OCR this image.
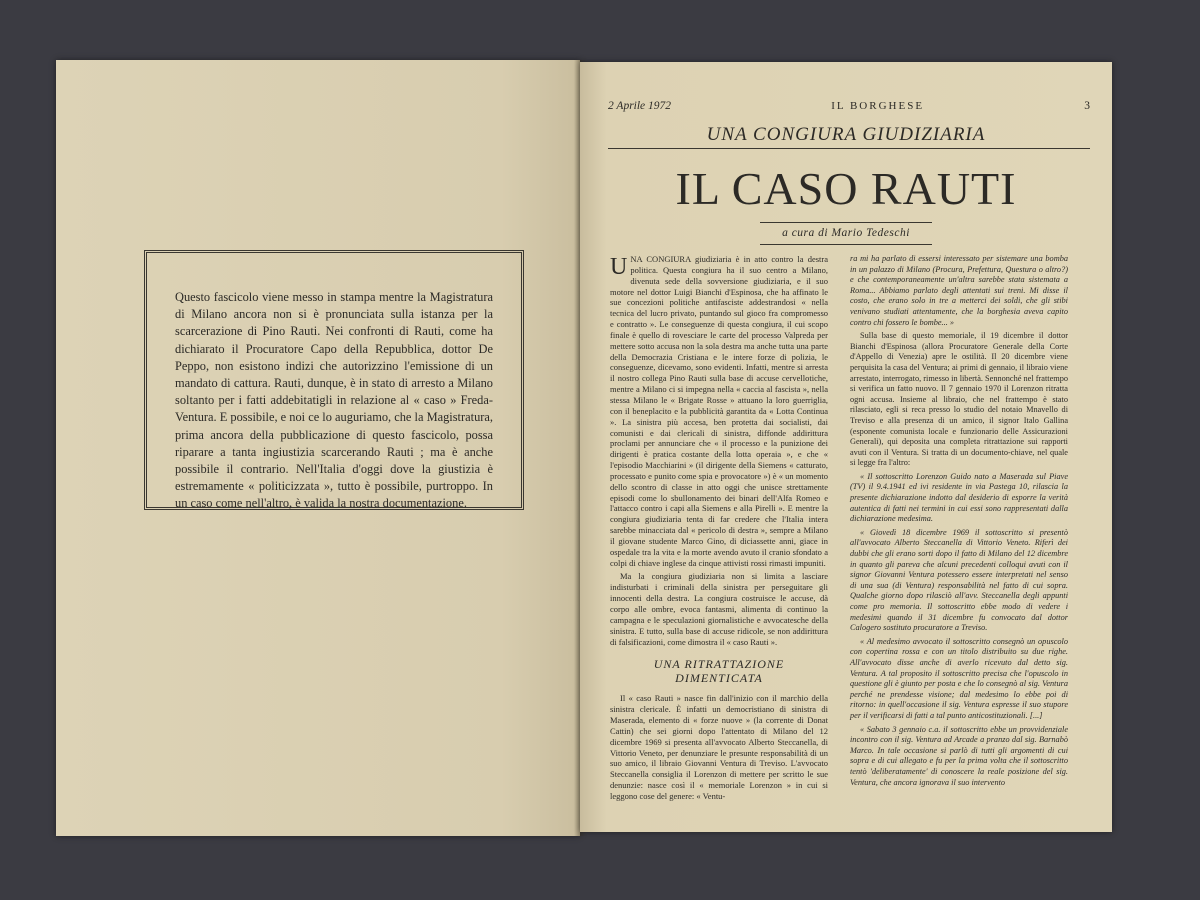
Questo fascicolo viene messo in stampa mentre la Magistratura di Milano ancora non si è pronunciata sulla istanza per la scarcerazione di Pino Rauti. Nei confronti di Rauti, come ha dichiarato il Procuratore Capo della Repubblica, dottor De Peppo, non esistono indizi che autorizzino l'emissione di un mandato di cattura. Rauti, dunque, è in stato di arresto a Milano soltanto per i fatti addebitatigli in relazione al « caso » Freda-Ventura. E possibile, e noi ce lo auguriamo, che la Magistratura, prima ancora della pubblicazione di questo fascicolo, possa riparare a tanta ingiustizia scarcerando Rauti ; ma è anche possibile il contrario. Nell'Italia d'oggi dove la giustizia è estremamente « politicizzata », tutto è possibile, purtroppo. In un caso come nell'altro, è valida la nostra documentazione.

2 Aprile 1972	IL BORGHESE	3
UNA CONGIURA GIUDIZIARIA
IL CASO RAUTI
a cura di Mario Tedeschi

UNA CONGIURA giudiziaria è in atto contro la destra politica. Questa congiura ha il suo centro a Milano, divenuta sede della sovversione giudiziaria, e il suo motore nel dottor Luigi Bianchi d'Espinosa, che ha affinato le sue concezioni politiche antifasciste addestrandosi « nella tecnica del lucro privato, puntando sul gioco fra compromesso e contratto ». Le conseguenze di questa congiura, il cui scopo finale è quello di rovesciare le carte del processo Valpreda per mettere sotto accusa non la sola destra ma anche tutta una parte della Democrazia Cristiana e le intere forze di polizia, le conseguenze, dicevamo, sono evidenti. Infatti, mentre si arresta il nostro collega Pino Rauti sulla base di accuse cervellotiche, mentre a Milano ci si impegna nella « caccia al fascista », nella stessa Milano le « Brigate Rosse » attuano la loro guerriglia, con il beneplacito e la pubblicità garantita da « Lotta Continua ». La sinistra più accesa, ben protetta dai socialisti, dai comunisti e dai clericali di sinistra, diffonde addirittura proclami per annunciare che « il processo e la punizione dei dirigenti è pratica costante della lotta operaia », e che « l'episodio Macchiarini » (il dirigente della Siemens « catturato, processato e punito come spia e provocatore ») è « un momento dello scontro di classe in atto oggi che unisce strettamente episodi come lo sbullonamento dei binari dell'Alfa Romeo e l'attacco contro i capi alla Siemens e alla Pirelli ». E mentre la congiura giudiziaria tenta di far credere che l'Italia intera sarebbe minacciata dal « pericolo di destra », sempre a Milano il giovane studente Marco Gino, di diciassette anni, giace in ospedale tra la vita e la morte avendo avuto il cranio sfondato a colpi di chiave inglese da cinque attivisti rossi rimasti impuniti.

Ma la congiura giudiziaria non si limita a lasciare indisturbati i criminali della sinistra per perseguitare gli innocenti della destra. La congiura costruisce le accuse, dà corpo alle ombre, evoca fantasmi, alimenta di continuo la campagna e le speculazioni giornalistiche e avvocatesche della sinistra. E tutto, sulla base di accuse ridicole, se non addirittura di falsificazioni, come dimostra il « caso Rauti ».

UNA RITRATTAZIONE DIMENTICATA

Il « caso Rauti » nasce fin dall'inizio con il marchio della sinistra clericale. È infatti un democristiano di sinistra di Maserada, elemento di « forze nuove » (la corrente di Donat Cattin) che sei giorni dopo l'attentato di Milano del 12 dicembre 1969 si presenta all'avvocato Alberto Steccanella, di Vittorio Veneto, per denunziare le presunte responsabilità di un suo amico, il libraio Giovanni Ventura di Treviso. L'avvocato Steccanella consiglia il Lorenzon di mettere per scritto le sue denunzie: nasce così il « memoriale Lorenzon » in cui si leggono cose del genere: « Ventu-

ra mi ha parlato di essersi interessato per sistemare una bomba in un palazzo di Milano (Procura, Prefettura, Questura o altro?) e che contemporaneamente un'altra sarebbe stata sistemata a Roma... Abbiamo parlato degli attentati sui treni. Mi disse il costo, che erano solo in tre a metterci dei soldi, che gli stibi venivano studiati attentamente, che la borghesia aveva capito contro chi fossero le bombe... »

Sulla base di questo memoriale, il 19 dicembre il dottor Bianchi d'Espinosa (allora Procuratore Generale della Corte d'Appello di Venezia) apre le ostilità. Il 20 dicembre viene perquisita la casa del Ventura; ai primi di gennaio, il libraio viene arrestato, interrogato, rimesso in libertà. Sennonché nel frattempo si verifica un fatto nuovo. Il 7 gennaio 1970 il Lorenzon ritratta ogni accusa. Insieme al libraio, che nel frattempo è stato rilasciato, egli si reca presso lo studio del notaio Mnavello di Treviso e alla presenza di un amico, il signor Italo Gallina (esponente comunista locale e funzionario delle Assicurazioni Generali), qui deposita una completa ritrattazione sui rapporti avuti con il Ventura. Si tratta di un documento-chiave, nel quale si legge fra l'altro:

« Il sottoscritto Lorenzon Guido nato a Maserada sul Piave (TV) il 9.4.1941 ed ivi residente in via Pastega 10, rilascia la presente dichiarazione indotto dal desiderio di esporre la verità autentica di fatti nei termini in cui essi sono rappresentati dalla dichiarazione medesima.

« Giovedì 18 dicembre 1969 il sottoscritto si presentò all'avvocato Alberto Steccanella di Vittorio Veneto. Riferì dei dubbi che gli erano sorti dopo il fatto di Milano del 12 dicembre in quanto gli pareva che alcuni precedenti colloqui avuti con il signor Giovanni Ventura potessero essere interpretati nel senso di una sua (di Ventura) responsabilità nel fatto di cui sopra. Qualche giorno dopo rilasciò all'avv. Steccanella degli appunti come pro memoria. Il sottoscritto ebbe modo di vedere i medesimi quando il 31 dicembre fu convocato dal dottor Calogero sostituto procuratore a Treviso.

« Al medesimo avvocato il sottoscritto consegnò un opuscolo con copertina rossa e con un titolo distribuito su due righe. All'avvocato disse anche di averlo ricevuto dal detto sig. Ventura. A tal proposito il sottoscritto precisa che l'opuscolo in questione gli è giunto per posta e che lo consegnò al sig. Ventura perché ne prendesse visione; dal medesimo lo ebbe poi di ritorno: in quell'occasione il sig. Ventura espresse il suo stupore per il verificarsi di fatti a tal punto anticostituzionali. [...]

« Sabato 3 gennaio c.a. il sottoscritto ebbe un provvidenziale incontro con il sig. Ventura ad Arcade a pranzo dal sig. Barnabò Marco. In tale occasione si parlò di tutti gli argomenti di cui sopra e di cui allegato e fu per la prima volta che il sottoscritto tentò 'deliberatamente' di conoscere la reale posizione del sig. Ventura, che ancora ignorava il suo intervento
